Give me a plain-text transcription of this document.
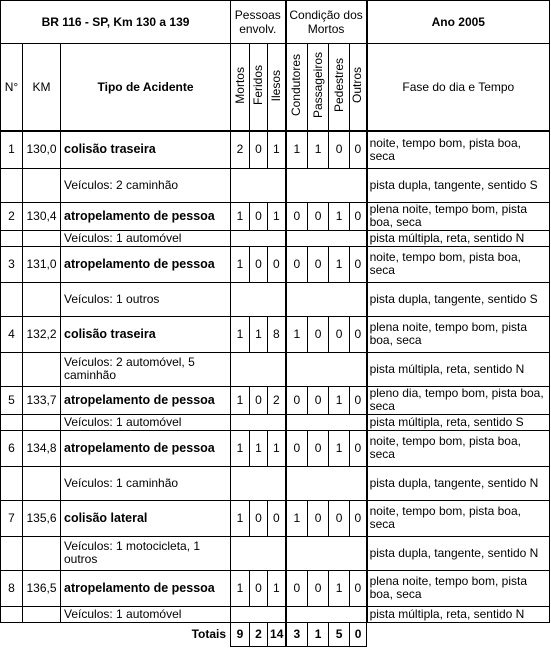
BR 116 - SP, Km 130 a 139			Pessoas envolv.			Condição dos Mortos				Ano 2005
N°	KM	Tipo de Acidente	Mortos	Feridos	Ilesos	Condutores	Passageiros	Pedestres	Outros	Fase do dia e Tempo
1	130,0	colisão traseira	2	0	1	1	1	0	0	noite, tempo bom, pista boa, seca
		Veículos: 2 caminhão								pista dupla, tangente, sentido S
2	130,4	atropelamento de pessoa	1	0	1	0	0	1	0	plena noite, tempo bom, pista boa, seca
		Veículos: 1 automóvel								pista múltipla, reta, sentido N
3	131,0	atropelamento de pessoa	1	0	0	0	0	1	0	noite, tempo bom, pista boa, seca
		Veículos: 1 outros								pista dupla, tangente, sentido S
4	132,2	colisão traseira	1	1	8	1	0	0	0	plena noite, tempo bom, pista boa, seca
		Veículos: 2 automóvel, 5 caminhão								pista múltipla, reta, sentido N
5	133,7	atropelamento de pessoa	1	0	2	0	0	1	0	pleno dia, tempo bom, pista boa, seca
		Veículos: 1 automóvel								pista múltipla, reta, sentido S
6	134,8	atropelamento de pessoa	1	1	1	0	0	1	0	noite, tempo bom, pista boa, seca
		Veículos: 1 caminhão								pista dupla, tangente, sentido N
7	135,6	colisão lateral	1	0	0	1	0	0	0	noite, tempo bom, pista boa, seca
		Veículos: 1 motocicleta, 1 outros								pista dupla, tangente, sentido N
8	136,5	atropelamento de pessoa	1	0	1	0	0	1	0	plena noite, tempo bom, pista boa, seca
		Veículos: 1 automóvel								pista múltipla, reta, sentido N
Totais			9	2	14	3	1	5	0	
